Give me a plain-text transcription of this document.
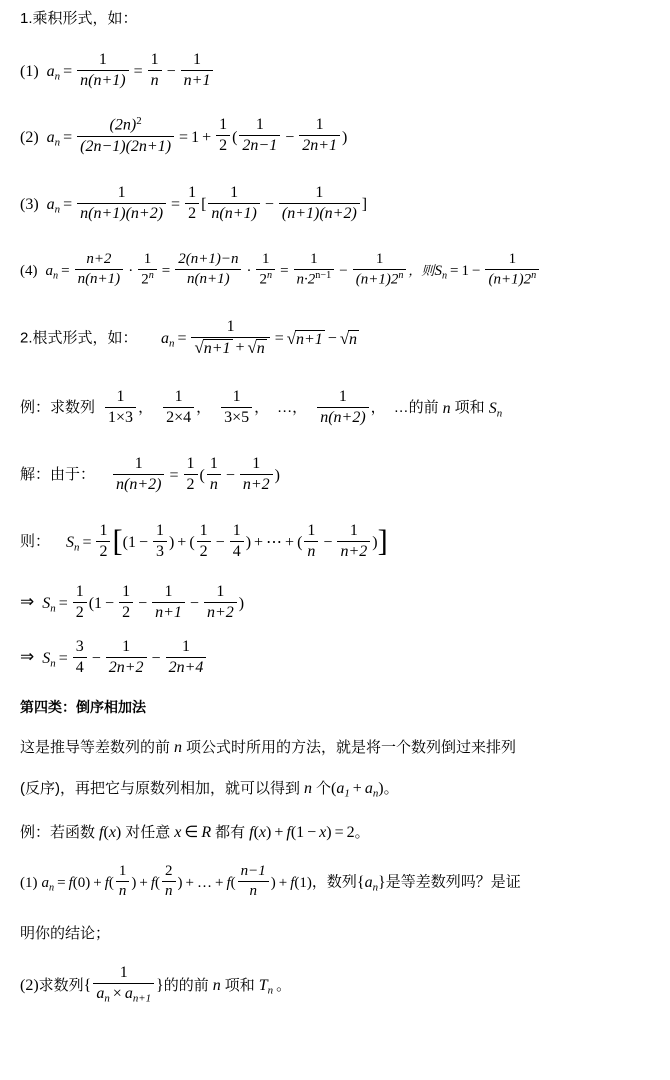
1.乘积形式，如：
(1) $a_n = \frac{1}{n(n+1)} = \frac{1}{n} - \frac{1}{n+1}$
(2) $a_n = \frac{(2n)^2}{(2n-1)(2n+1)} = 1 + \frac{1}{2}$ ( $\frac{1}{2n-1} - \frac{1}{2n+1}$ )
(3) $a_n = \frac{1}{n(n+1)(n+2)} = \frac{1}{2}$ [ $\frac{1}{n(n+1)} - \frac{1}{(n+1)(n+2)}$ ]
(4) $a_n = \frac{n+2}{n(n+1)} \cdot \frac{1}{2^n} = \frac{2(n+1)-n}{n(n+1)} \cdot \frac{1}{2^n} = \frac{1}{n\cdot 2^{n-1}} - \frac{1}{(n+1)2^n}$ ，则$S_n = 1 - \frac{1}{(n+1)2^n}$
2.根式形式，如： $a_n = \frac{1}{√n+1 + √n} = √n+1 - √n$
例：求数列 $\frac{1}{1\times 3}$ ， $\frac{1}{2\times 4}$ ， $\frac{1}{3\times 5}$ ， …， $\frac{1}{n(n+2)}$ ， …的前 n 项和 $S_n$
解：由于： $\frac{1}{n(n+2)} = \frac{1}{2}$ ( $\frac{1}{n} - \frac{1}{n+2}$ )
则： $S_n = \frac{1}{2} [(1 - \frac{1}{3}$ ) + ( $\frac{1}{2} - \frac{1}{4}$ ) + ⋯ + ( $\frac{1}{n} - \frac{1}{n+2}$ )]
⇒ $S_n = \frac{1}{2} (1 - \frac{1}{2} - \frac{1}{n+1} - \frac{1}{n+2}$ )
⇒ $S_n = \frac{3}{4} - \frac{1}{2n+2} - \frac{1}{2n+4}$
第四类：倒序相加法
这是推导等差数列的前 n 项公式时所用的方法，就是将一个数列倒过来排列
(反序)，再把它与原数列相加，就可以得到 n 个$(a_1 + a_n)$。
例：若函数 f(x) 对任意 x ∈ R 都有 f(x) + f(1 − x) = 2。
(1) $a_n = f(0) + f( \frac{1}{n}$ ) + $f( \frac{2}{n}$ ) + … + $f( \frac{n-1}{n}$ ) + f(1)，数列$\{a_n\}$是等差数列吗？是证
明你的结论；
(2)求数列{ $\frac{1}{a_n \times a_{n+1}}$ }的的前 n 项和 $T_n$ 。
